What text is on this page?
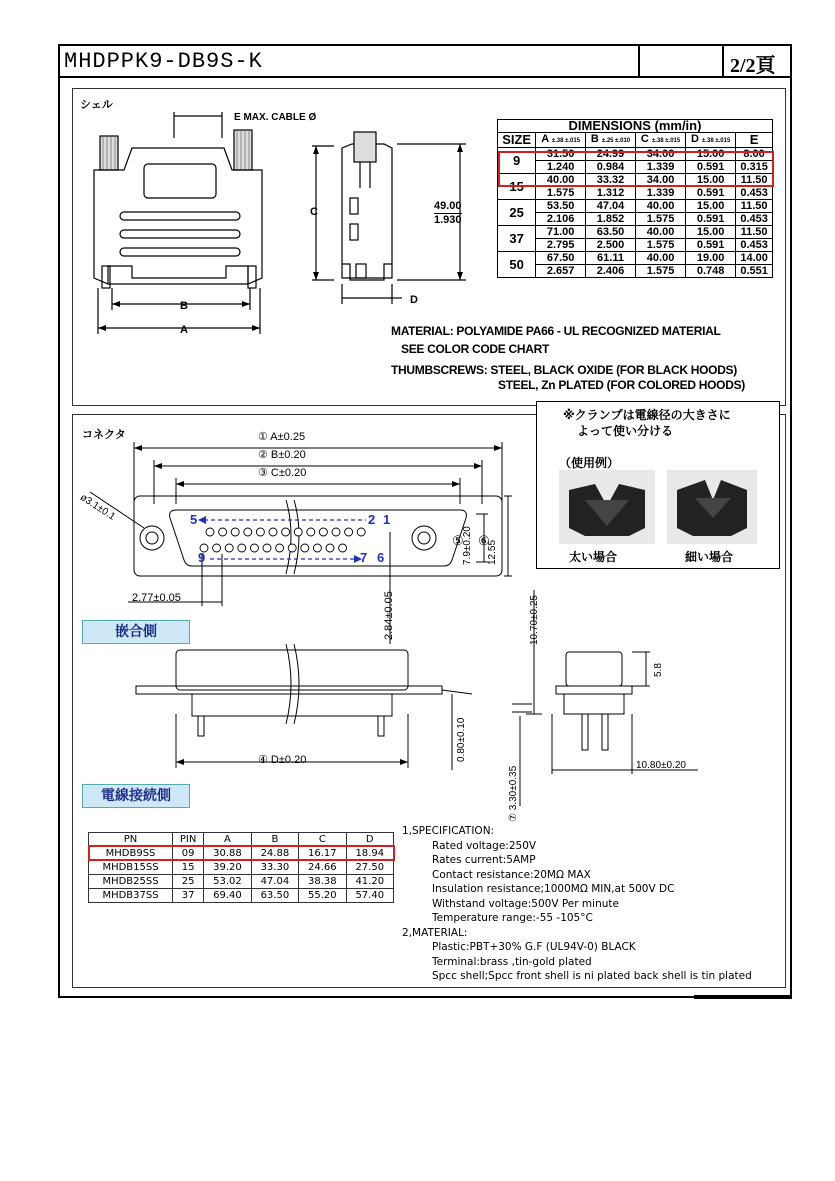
MHDPPK9-DB9S-K	2/2頁
シェル
E MAX. CABLE Ø
C
B
A
D
49.00
1.930
DIMENSIONS (mm/in)					
SIZE	A ±.38 ±.015	B ±.25 ±.010	C ±.38 ±.015	D ±.38 ±.015	E
9	31.50	24.99	34.00	15.00	8.00
	1.240	0.984	1.339	0.591	0.315
15	40.00	33.32	34.00	15.00	11.50
	1.575	1.312	1.339	0.591	0.453
25	53.50	47.04	40.00	15.00	11.50
	2.106	1.852	1.575	0.591	0.453
37	71.00	63.50	40.00	15.00	11.50
	2.795	2.500	1.575	0.591	0.453
50	67.50	61.11	40.00	19.00	14.00
	2.657	2.406	1.575	0.748	0.551
MATERIAL: POLYAMIDE PA66 - UL RECOGNIZED MATERIAL
SEE COLOR CODE CHART
THUMBSCREWS: STEEL, BLACK OXIDE (FOR BLACK HOODS)
STEEL, Zn PLATED (FOR COLORED HOODS)
コネクタ
5	2 1
9	7 6
① A±0.25
② B±0.20
③ C±0.20
④ D±0.20
ø3.1±0.1
2.77±0.05	2.84±0.05
⑤ ⑥
7.9±0.20 12.55
10.70±0.25
5.8
0.80±0.10
10.80±0.20
⑦ 3.30±0.35
嵌合側
電線接続側
※クランプは電線径の大きさに
よって使い分ける
（使用例）
太い場合	細い場合
PN	PIN	A	B	C	D
MHDB9SS	09	30.88	24.88	16.17	18.94
MHDB15SS	15	39.20	33.30	24.66	27.50
MHDB25SS	25	53.02	47.04	38.38	41.20
MHDB37SS	37	69.40	63.50	55.20	57.40
1,SPECIFICATION:
Rated voltage:250V
Rates current:5AMP
Contact resistance:20MΩ MAX
Insulation resistance;1000MΩ MIN,at 500V DC
Withstand voltage:500V Per minute
Temperature range:-55 -105°C
2,MATERIAL:
Plastic:PBT+30% G.F (UL94V-0) BLACK
Terminal:brass ,tin-gold plated
Spcc shell;Spcc front shell is ni plated back shell is tin plated
